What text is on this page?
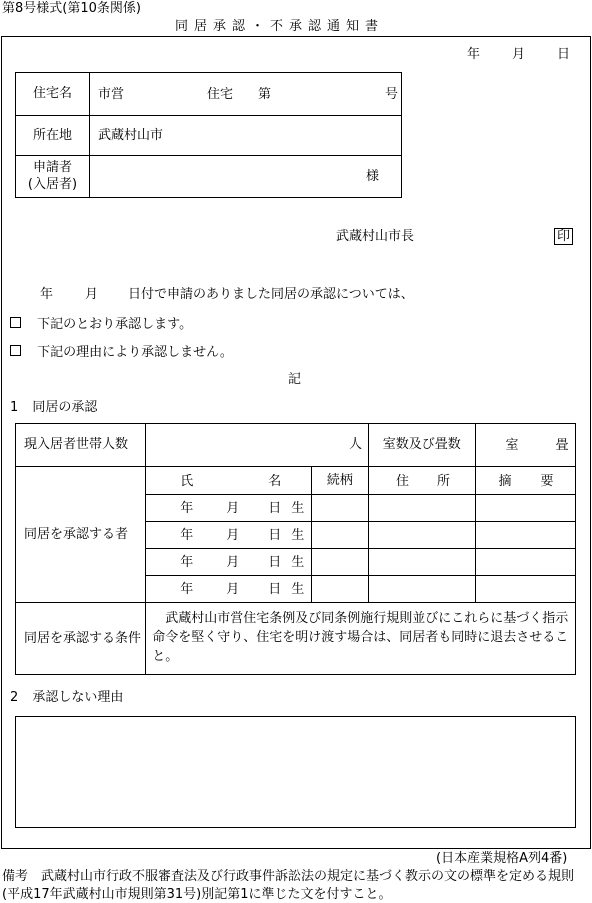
第8号様式(第10条関係)
同居承認・不承認通知書
年 月 日
住宅名	市営 住宅 第 号

所在地	武蔵村山市

申請者
(入居者)	様
武蔵村山市長	印
年 月 日付で申請のありました同居の承認については、
下記のとおり承認します。
下記の理由により承認しません。
記
1 同居の承認
現入居者世帯人数	人		室数及び畳数	室 畳

同居を承認する者	氏 名	続柄	住 所	摘 要

	年 月 日 生			

	年 月 日 生			

	年 月 日 生			

	年 月 日 生			

同居を承認する条件	武蔵村山市営住宅条例及び同条例施行規則並びにこれらに基づく指示命令を堅く守り、住宅を明け渡す場合は、同居者も同時に退去させること。			
2 承認しない理由
(日本産業規格A列4番)
備考　武蔵村山市行政不服審査法及び行政事件訴訟法の規定に基づく教示の文の標準を定める規則(平成17年武蔵村山市規則第31号)別記第1に準じた文を付すこと。
